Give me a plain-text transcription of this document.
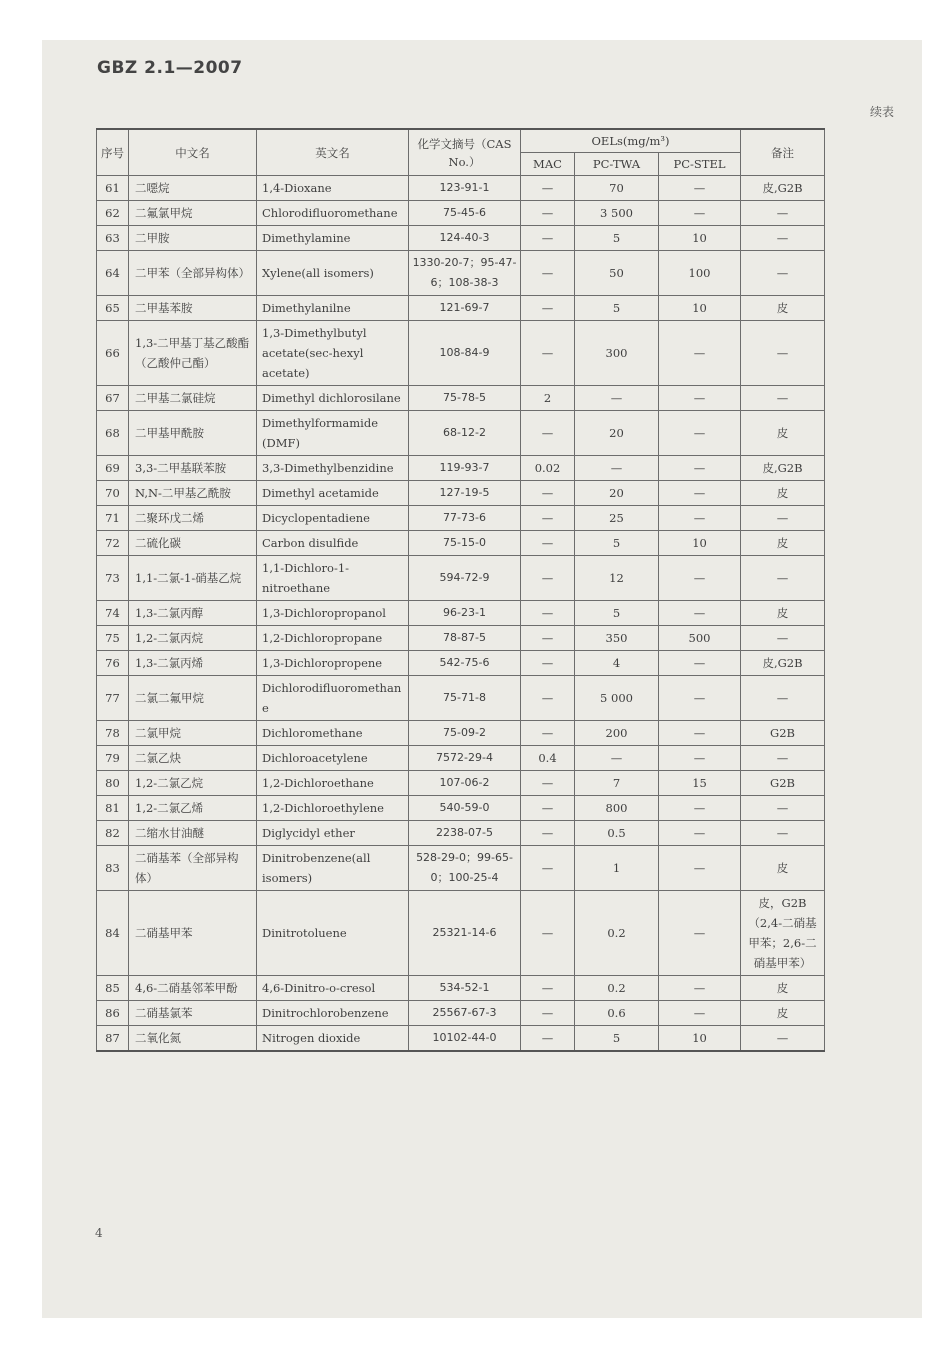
GBZ 2.1—2007
续表
序号	中文名	英文名	化学文摘号（CAS No.）	OELs(mg/m³)			备注
				MAC	PC-TWA	PC-STEL	
61	二噁烷	1,4-Dioxane	123-91-1	—	70	—	皮,G2B
62	二氟氯甲烷	Chlorodifluoromethane	75-45-6	—	3 500	—	—
63	二甲胺	Dimethylamine	124-40-3	—	5	10	—
64	二甲苯（全部异构体）	Xylene(all isomers)	1330-20-7；95-47-6；108-38-3	—	50	100	—
65	二甲基苯胺	Dimethylanilne	121-69-7	—	5	10	皮
66	1,3-二甲基丁基乙酸酯（乙酸仲己酯）	1,3-Dimethylbutyl acetate(sec-hexyl acetate)	108-84-9	—	300	—	—
67	二甲基二氯硅烷	Dimethyl dichlorosilane	75-78-5	2	—	—	—
68	二甲基甲酰胺	Dimethylformamide (DMF)	68-12-2	—	20	—	皮
69	3,3-二甲基联苯胺	3,3-Dimethylbenzidine	119-93-7	0.02	—	—	皮,G2B
70	N,N-二甲基乙酰胺	Dimethyl acetamide	127-19-5	—	20	—	皮
71	二聚环戊二烯	Dicyclopentadiene	77-73-6	—	25	—	—
72	二硫化碳	Carbon disulfide	75-15-0	—	5	10	皮
73	1,1-二氯-1-硝基乙烷	1,1-Dichloro-1-nitroethane	594-72-9	—	12	—	—
74	1,3-二氯丙醇	1,3-Dichloropropanol	96-23-1	—	5	—	皮
75	1,2-二氯丙烷	1,2-Dichloropropane	78-87-5	—	350	500	—
76	1,3-二氯丙烯	1,3-Dichloropropene	542-75-6	—	4	—	皮,G2B
77	二氯二氟甲烷	Dichlorodifluoromethane	75-71-8	—	5 000	—	—
78	二氯甲烷	Dichloromethane	75-09-2	—	200	—	G2B
79	二氯乙炔	Dichloroacetylene	7572-29-4	0.4	—	—	—
80	1,2-二氯乙烷	1,2-Dichloroethane	107-06-2	—	7	15	G2B
81	1,2-二氯乙烯	1,2-Dichloroethylene	540-59-0	—	800	—	—
82	二缩水甘油醚	Diglycidyl ether	2238-07-5	—	0.5	—	—
83	二硝基苯（全部异构体）	Dinitrobenzene(all isomers)	528-29-0；99-65-0；100-25-4	—	1	—	皮
84	二硝基甲苯	Dinitrotoluene	25321-14-6	—	0.2	—	皮，G2B（2,4-二硝基甲苯；2,6-二硝基甲苯）
85	4,6-二硝基邻苯甲酚	4,6-Dinitro-o-cresol	534-52-1	—	0.2	—	皮
86	二硝基氯苯	Dinitrochlorobenzene	25567-67-3	—	0.6	—	皮
87	二氧化氮	Nitrogen dioxide	10102-44-0	—	5	10	—
4
